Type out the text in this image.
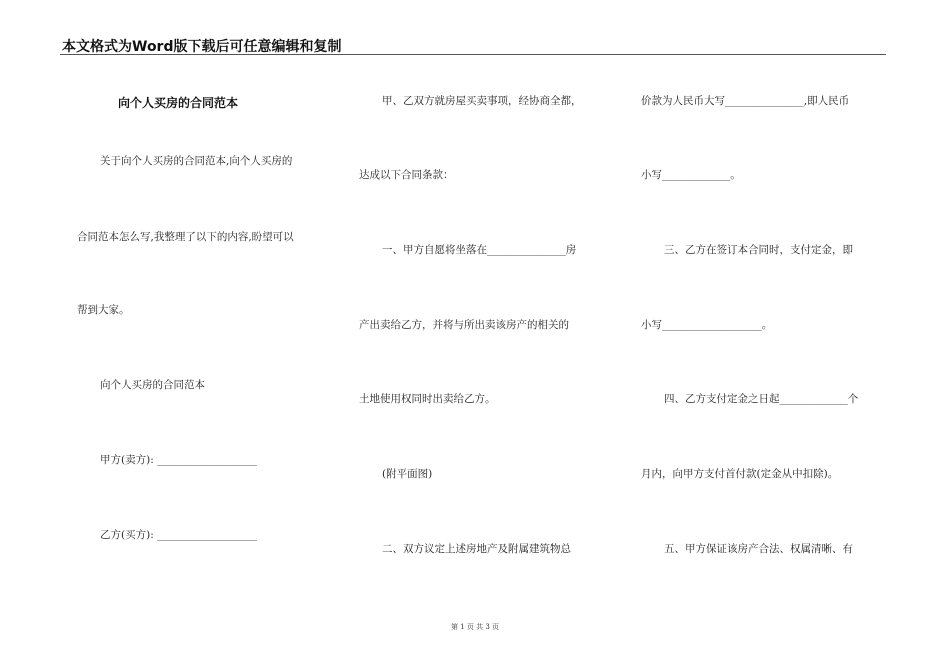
本文格式为Word版下载后可任意编辑和复制
向个人买房的合同范本
关于向个人买房的合同范本,向个人买房的
合同范本怎么写,我整理了以下的内容,盼望可以
帮到大家。
向个人买房的合同范本
甲方(卖方): ___________________
乙方(买方): ___________________
甲、乙双方就房屋买卖事项，经协商全都，
达成以下合同条款：
一、甲方自愿将坐落在_______________房
产出卖给乙方，并将与所出卖该房产的相关的
土地使用权同时出卖给乙方。
(附平面图)
二、双方议定上述房地产及附属建筑物总
价款为人民币大写_______________,即人民币
小写_____________。
三、乙方在签订本合同时，支付定金，即
小写___________________。
四、乙方支付定金之日起_____________个
月内，向甲方支付首付款(定金从中扣除)。
五、甲方保证该房产合法、权属清晰、有
第 1 页 共 3 页
